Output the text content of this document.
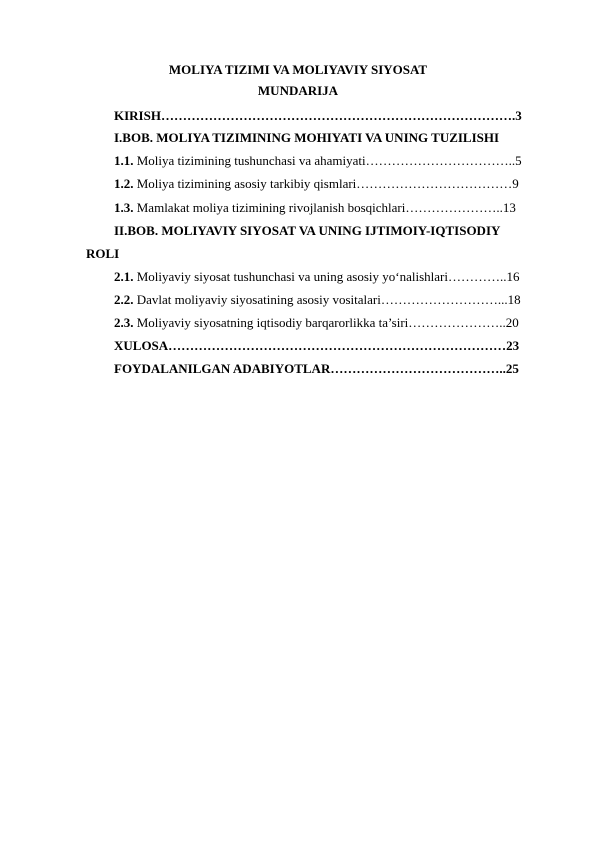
MOLIYA TIZIMI VA MOLIYAVIY SIYOSAT
MUNDARIJA
KIRISH……………………………………………………………………….3
I.BOB. MOLIYA TIZIMINING MOHIYATI VA UNING TUZILISHI
1.1. Moliya tizimining tushunchasi va ahamiyati……………………………..5
1.2. Moliya tizimining asosiy tarkibiy qismlari………………………………9
1.3. Mamlakat moliya tizimining rivojlanish bosqichlari…………………..13
II.BOB. MOLIYAVIY SIYOSAT VA UNING IJTIMOIY-IQTISODIY
ROLI
2.1. Moliyaviy siyosat tushunchasi va uning asosiy yo‘nalishlari…………..16
2.2. Davlat moliyaviy siyosatining asosiy vositalari………………………...18
2.3. Moliyaviy siyosatning iqtisodiy barqarorlikka ta’siri…………………..20
XULOSA……………………………………………………………………23
FOYDALANILGAN ADABIYOTLAR…………………………………..25
